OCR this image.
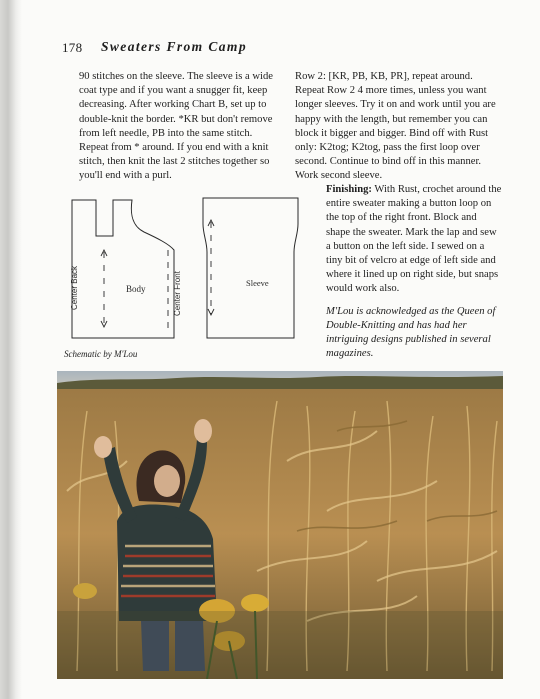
178 Sweaters From Camp

90 stitches on the sleeve. The sleeve is a wide coat type and if you want a snugger fit, keep decreasing. After working Chart B, set up to double-knit the border. *KR but don't remove from left needle, PB into the same stitch. Repeat from * around. If you end with a knit stitch, then knit the last 2 stitches together so you'll end with a purl.

Row 2: [KR, PB, KB, PR], repeat around. Repeat Row 2 4 more times, unless you want longer sleeves. Try it on and work until you are happy with the length, but remember you can block it bigger and bigger. Bind off with Rust only: K2tog; K2tog, pass the first loop over second. Continue to bind off in this manner.

Work second sleeve.

Finishing: With Rust, crochet around the entire sweater making a button loop on the top of the right front. Block and shape the sweater. Mark the lap and sew a button on the left side. I sewed on a tiny bit of velcro at edge of left side and where it lined up on right side, but snaps would work also.

M'Lou is acknowledged as the Queen of Double-Knitting and has had her intriguing designs published in several magazines.

Center Back	Body	Center Front	Sleeve
Schematic by M'Lou
